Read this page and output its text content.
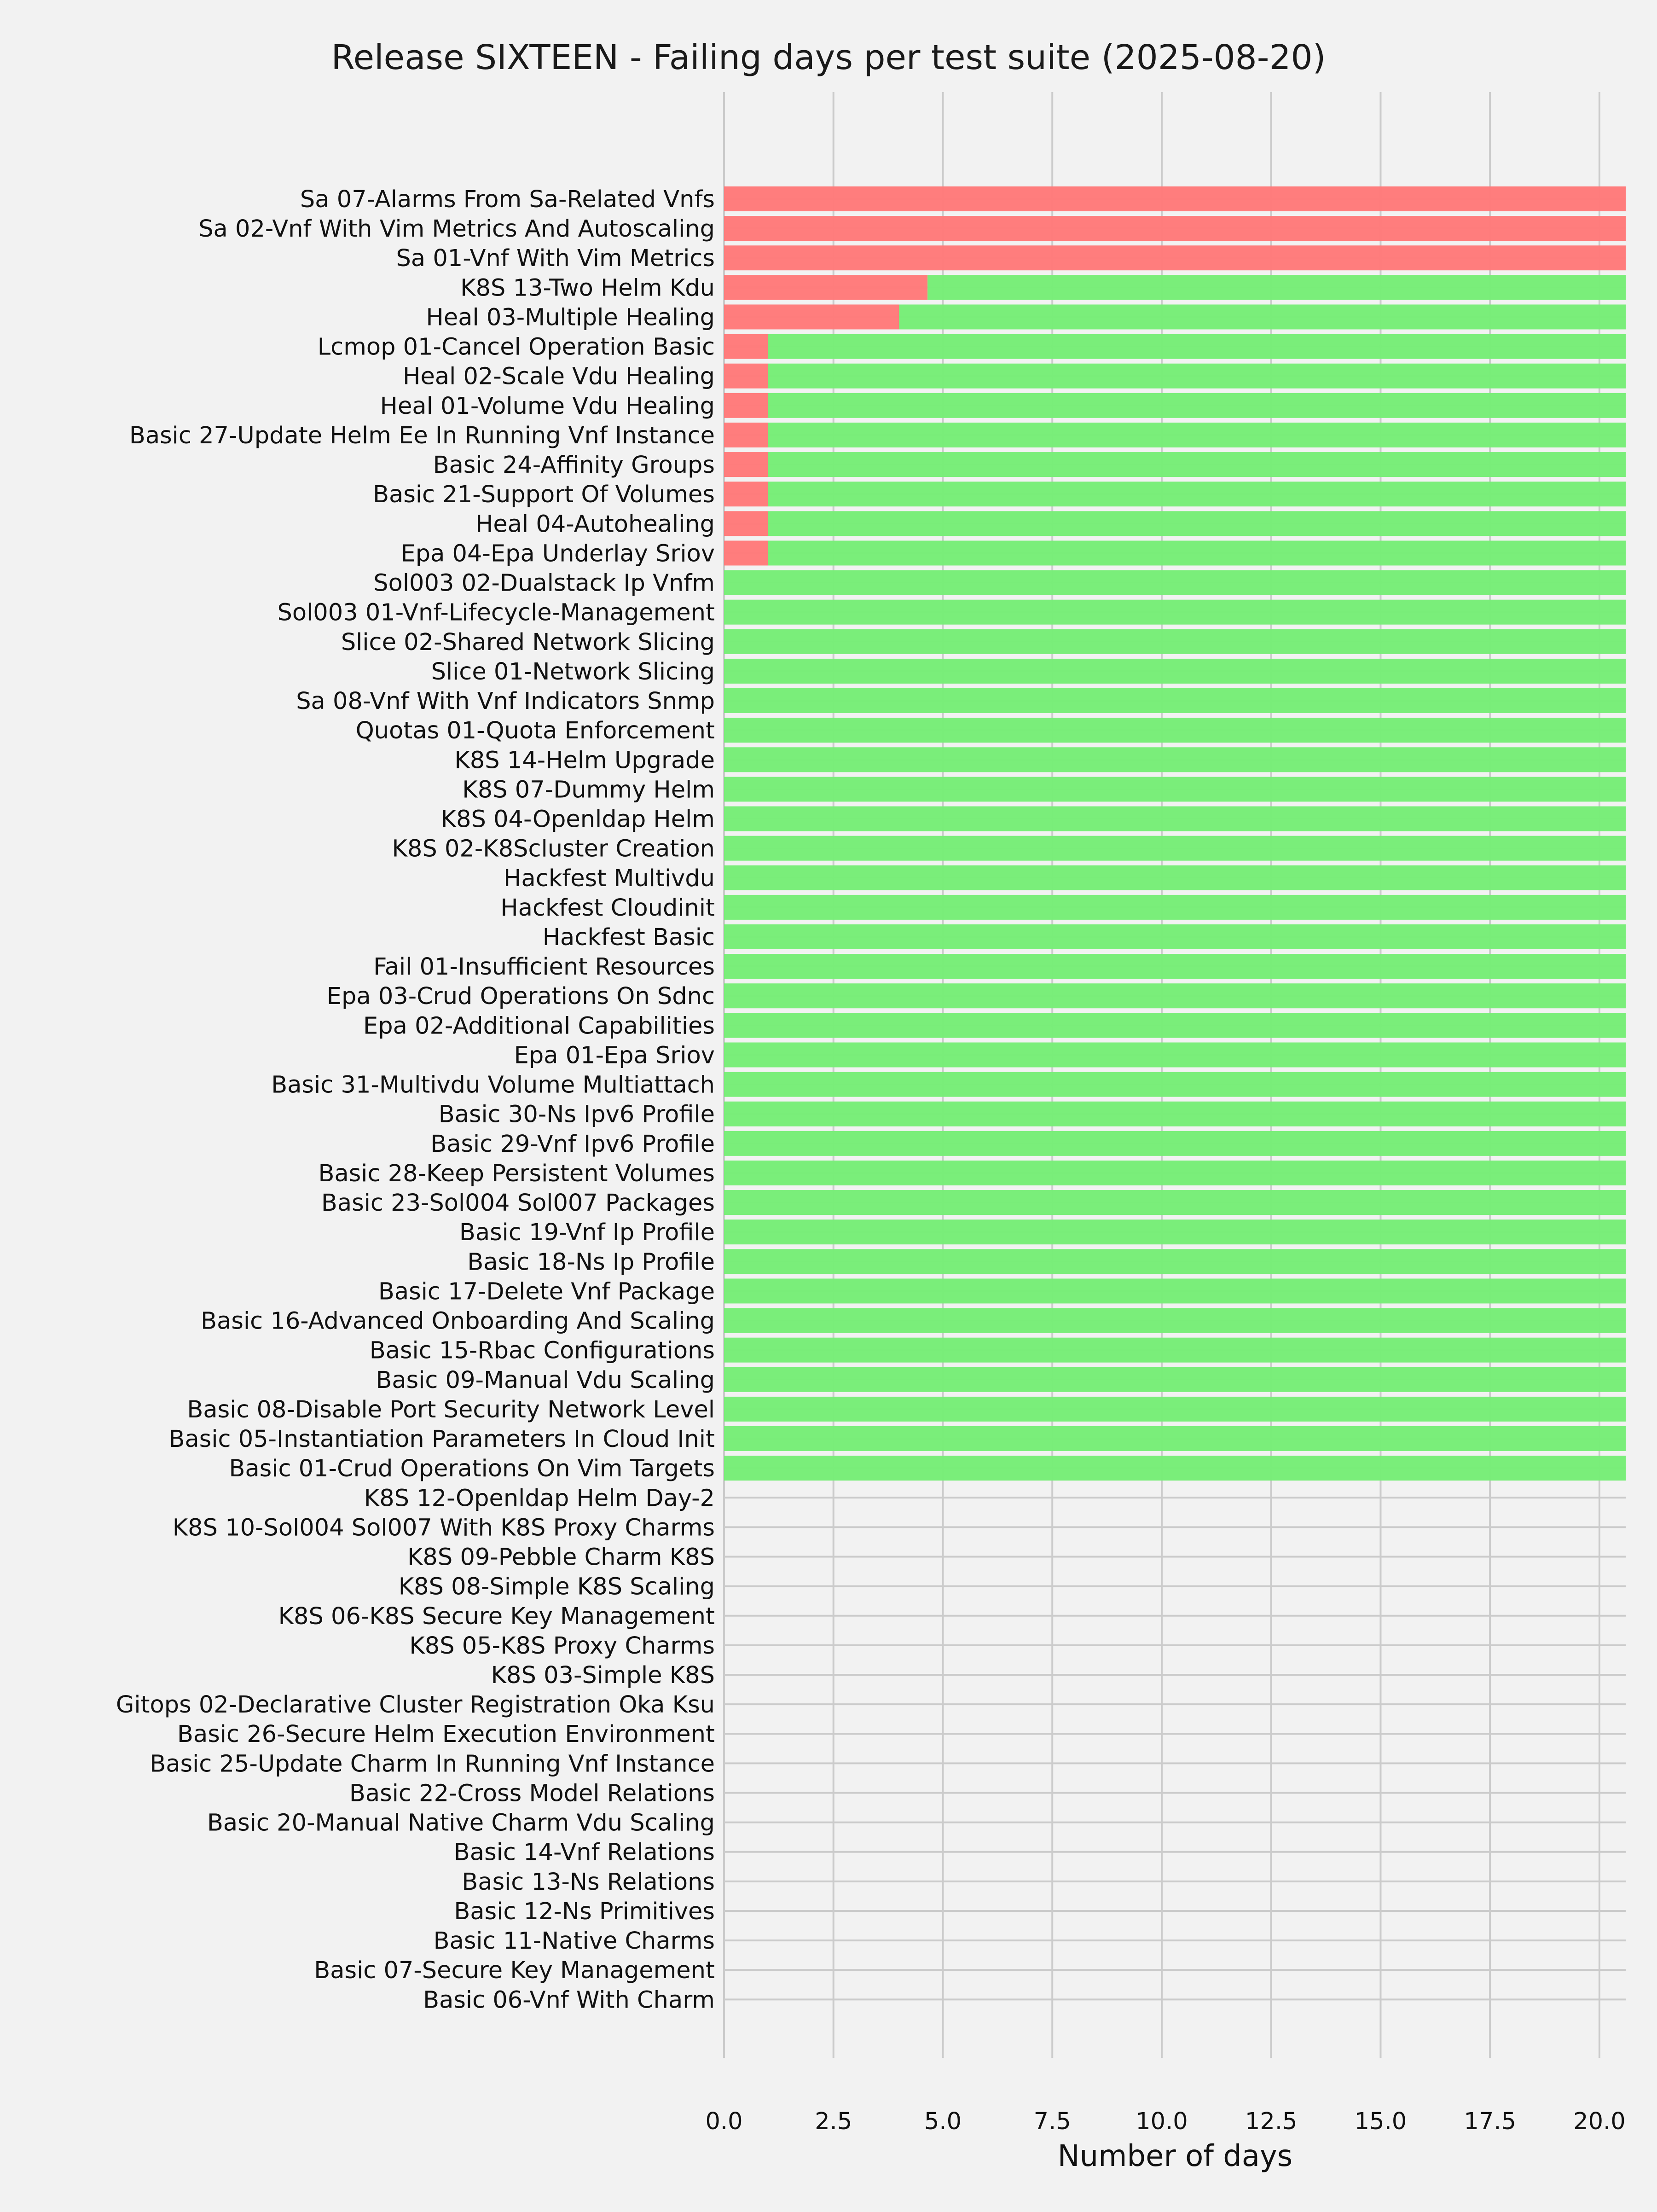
Release SIXTEEN - Failing days per test suite (2025-08-20)
Sa 07-Alarms From Sa-Related Vnfs
Sa 02-Vnf With Vim Metrics And Autoscaling
Sa 01-Vnf With Vim Metrics
K8S 13-Two Helm Kdu
Heal 03-Multiple Healing
Lcmop 01-Cancel Operation Basic
Heal 02-Scale Vdu Healing
Heal 01-Volume Vdu Healing
Basic 27-Update Helm Ee In Running Vnf Instance
Basic 24-Affinity Groups
Basic 21-Support Of Volumes
Heal 04-Autohealing
Epa 04-Epa Underlay Sriov
Sol003 02-Dualstack Ip Vnfm
Sol003 01-Vnf-Lifecycle-Management
Slice 02-Shared Network Slicing
Slice 01-Network Slicing
Sa 08-Vnf With Vnf Indicators Snmp
Quotas 01-Quota Enforcement
K8S 14-Helm Upgrade
K8S 07-Dummy Helm
K8S 04-Openldap Helm
K8S 02-K8Scluster Creation
Hackfest Multivdu
Hackfest Cloudinit
Hackfest Basic
Fail 01-Insufficient Resources
Epa 03-Crud Operations On Sdnc
Epa 02-Additional Capabilities
Epa 01-Epa Sriov
Basic 31-Multivdu Volume Multiattach
Basic 30-Ns Ipv6 Profile
Basic 29-Vnf Ipv6 Profile
Basic 28-Keep Persistent Volumes
Basic 23-Sol004 Sol007 Packages
Basic 19-Vnf Ip Profile
Basic 18-Ns Ip Profile
Basic 17-Delete Vnf Package
Basic 16-Advanced Onboarding And Scaling
Basic 15-Rbac Configurations
Basic 09-Manual Vdu Scaling
Basic 08-Disable Port Security Network Level
Basic 05-Instantiation Parameters In Cloud Init
Basic 01-Crud Operations On Vim Targets
K8S 12-Openldap Helm Day-2
K8S 10-Sol004 Sol007 With K8S Proxy Charms
K8S 09-Pebble Charm K8S
K8S 08-Simple K8S Scaling
K8S 06-K8S Secure Key Management
K8S 05-K8S Proxy Charms
K8S 03-Simple K8S
Gitops 02-Declarative Cluster Registration Oka Ksu
Basic 26-Secure Helm Execution Environment
Basic 25-Update Charm In Running Vnf Instance
Basic 22-Cross Model Relations
Basic 20-Manual Native Charm Vdu Scaling
Basic 14-Vnf Relations
Basic 13-Ns Relations
Basic 12-Ns Primitives
Basic 11-Native Charms
Basic 07-Secure Key Management
Basic 06-Vnf With Charm
0.0	2.5	5.0	7.5	10.0 12.5 15.0 17.5 20.0
Number of days
